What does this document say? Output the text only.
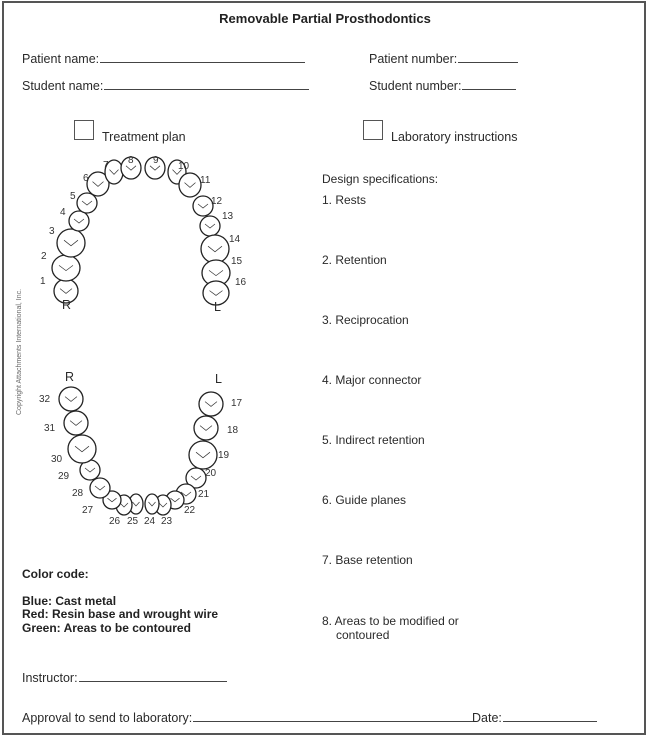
Removable Partial Prosthodontics
Patient name:	Patient number:
Student name:	Student number:
Treatment plan	Laboratory instructions
Copyright Attachments International, Inc.
1
2
3
4
5
6
7 8 9
10
11
12
13
14
15
16
17
18
19
20
21
22
23
24
25
26
27
28
29
30
31
32
R	L
R	L
Design specifications:
1. Rests
2. Retention
3. Reciprocation
4. Major connector
5. Indirect retention
6. Guide planes
7. Base retention
8. Areas to be modified or
contoured
Color code:
Blue: Cast metal
Red: Resin base and wrought wire
Green: Areas to be contoured
Instructor:
Approval to send to laboratory:	Date:
